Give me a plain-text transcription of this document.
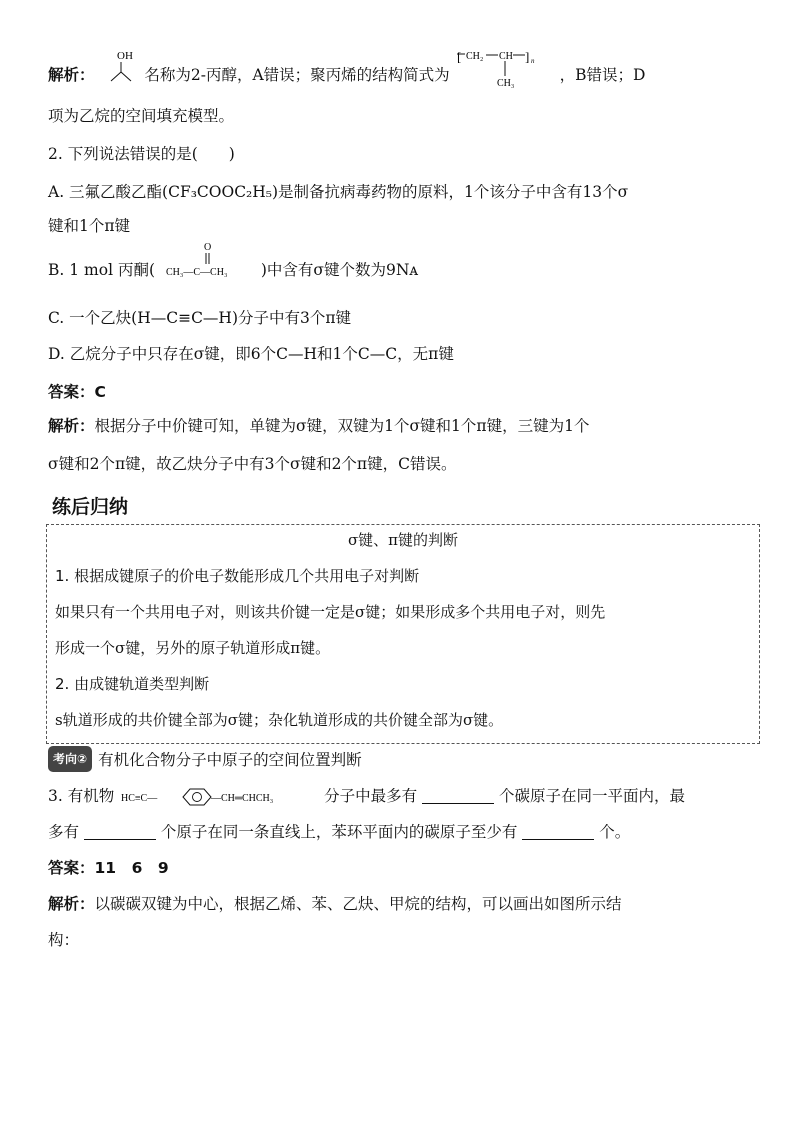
解析：
OH
名称为2-丙醇，A错误；聚丙烯的结构简式为
[ CH₂ CH ] n
CH₃	，B错误；D
项为乙烷的空间填充模型。
2. 下列说法错误的是(　　)
A. 三氟乙酸乙酯(CF₃COOC₂H₅)是制备抗病毒药物的原料，1个该分子中含有13个σ
键和1个π键
B. 1 mol 丙酮(
O
CH₃—C—CH₃ )中含有σ键个数为9Nᴀ
C. 一个乙炔(H—C≡C—H)分子中有3个π键
D. 乙烷分子中只存在σ键，即6个C—H和1个C—C，无π键
答案：C
解析：根据分子中价键可知，单键为σ键，双键为1个σ键和1个π键，三键为1个
σ键和2个π键，故乙炔分子中有3个σ键和2个π键，C错误。
练后归纳
σ键、π键的判断
1. 根据成键原子的价电子数能形成几个共用电子对判断
如果只有一个共用电子对，则该共价键一定是σ键；如果形成多个共用电子对，则先
形成一个σ键，另外的原子轨道形成π键。
2. 由成键轨道类型判断
s轨道形成的共价键全部为σ键；杂化轨道形成的共价键全部为σ键。
考向② 有机化合物分子中原子的空间位置判断
3. 有机物 HC≡C—	—CH═CHCH₃	分子中最多有	个碳原子在同一平面内，最
多有	个原子在同一条直线上，苯环平面内的碳原子至少有	个。
答案：11　6　9
解析：以碳碳双键为中心，根据乙烯、苯、乙炔、甲烷的结构，可以画出如图所示结
构：
